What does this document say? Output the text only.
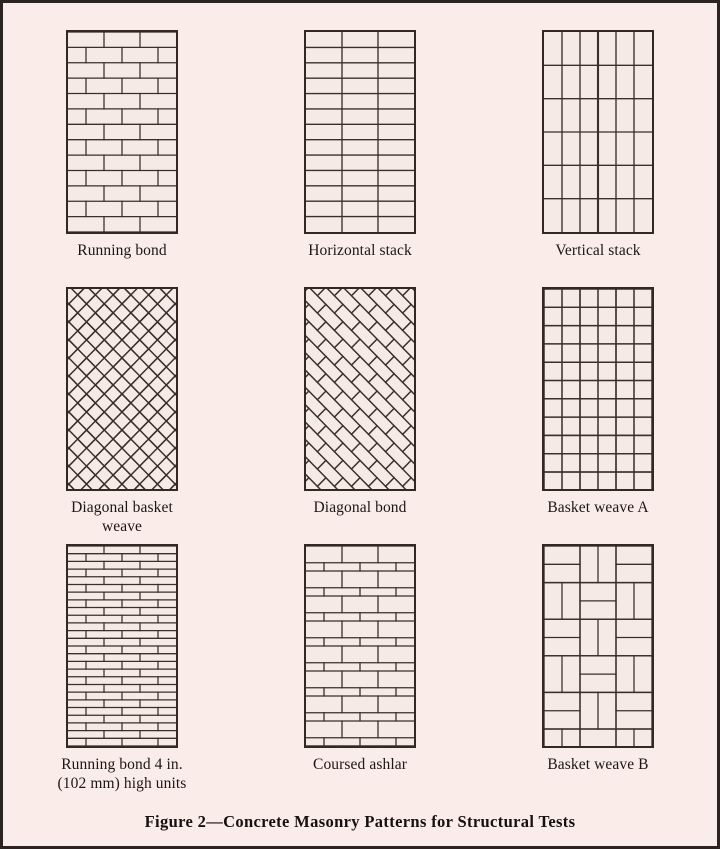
Running bond	Horizontal stack	Vertical stack
Diagonal basket
weave
Diagonal bond	Basket weave A
Running bond 4 in.
(102 mm) high units
Coursed ashlar	Basket weave B
Figure 2—Concrete Masonry Patterns for Structural Tests
